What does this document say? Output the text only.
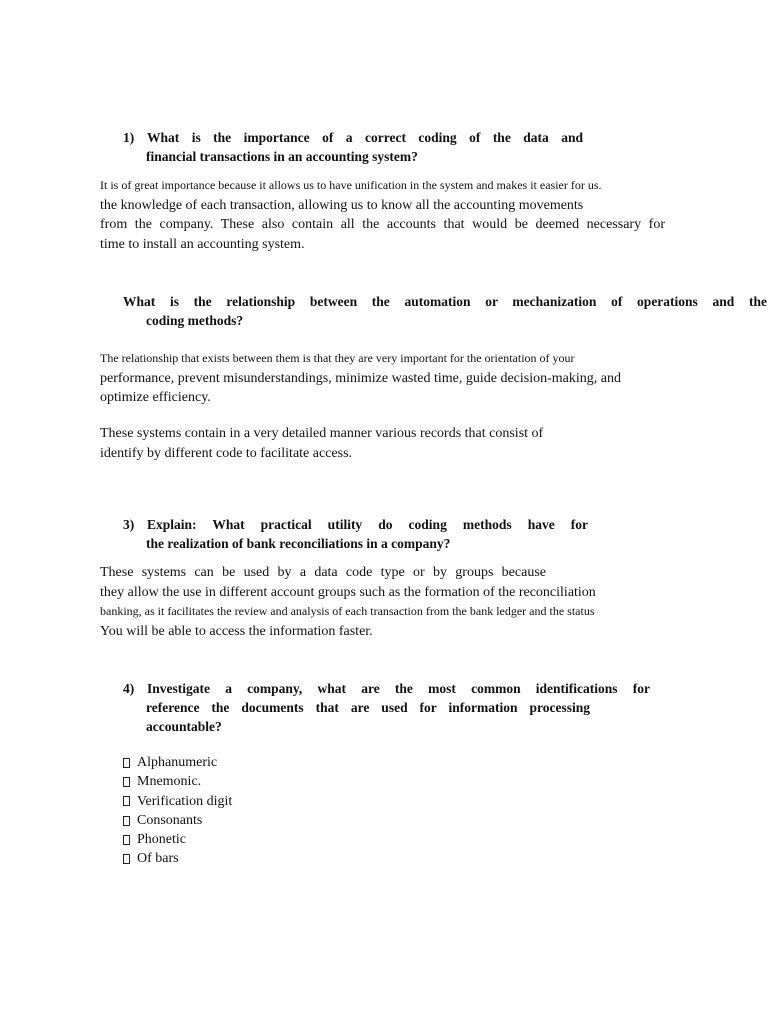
1) What is the importance of a correct coding of the data and
financial transactions in an accounting system?
It is of great importance because it allows us to have unification in the system and makes it easier for us.
the knowledge of each transaction, allowing us to know all the accounting movements
from the company. These also contain all the accounts that would be deemed necessary for
time to install an accounting system.
What is the relationship between the automation or mechanization of operations and the
coding methods?
The relationship that exists between them is that they are very important for the orientation of your
performance, prevent misunderstandings, minimize wasted time, guide decision-making, and
optimize efficiency.
These systems contain in a very detailed manner various records that consist of
identify by different code to facilitate access.
3) Explain: What practical utility do coding methods have for
the realization of bank reconciliations in a company?
These systems can be used by a data code type or by groups because
they allow the use in different account groups such as the formation of the reconciliation
banking, as it facilitates the review and analysis of each transaction from the bank ledger and the status
You will be able to access the information faster.
4) Investigate a company, what are the most common identifications for
reference the documents that are used for information processing
accountable?
Alphanumeric
Mnemonic.
Verification digit
Consonants
Phonetic
Of bars
